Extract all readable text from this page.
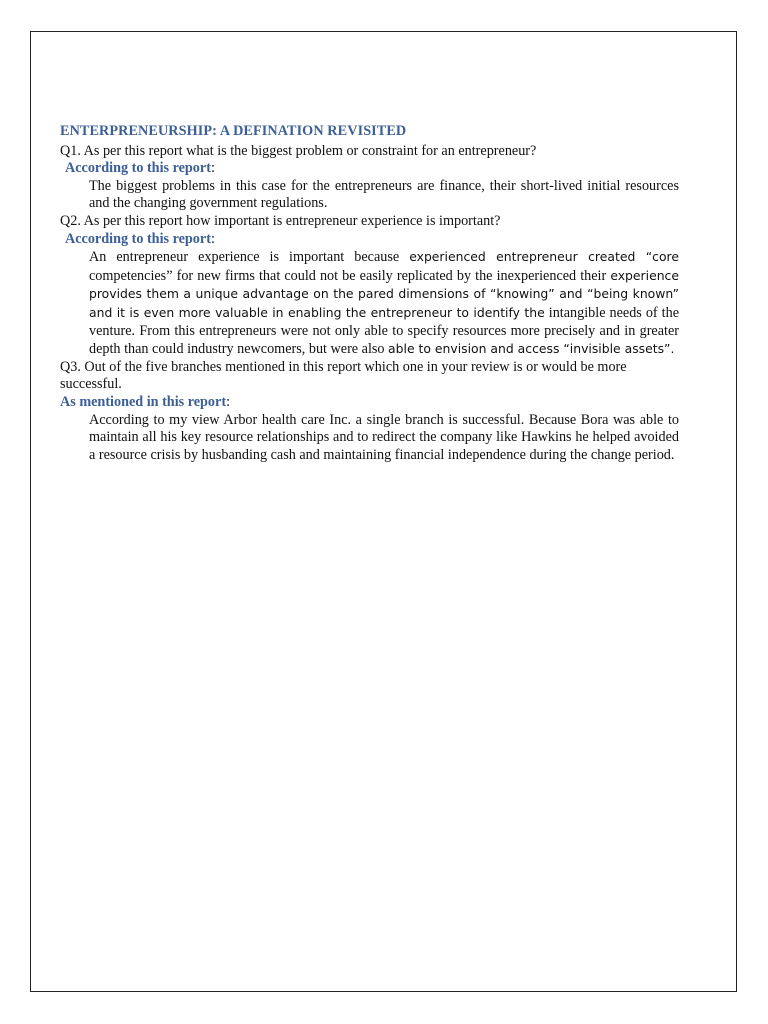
ENTERPRENEURSHIP: A DEFINATION REVISITED

Q1. As per this report what is the biggest problem or constraint for an entrepreneur?

According to this report:

The biggest problems in this case for the entrepreneurs are finance, their short-lived initial resources and the changing government regulations.

Q2. As per this report how important is entrepreneur experience is important?

According to this report:

An entrepreneur experience is important because experienced entrepreneur created “core competencies” for new firms that could not be easily replicated by the inexperienced their experience provides them a unique advantage on the pared dimensions of “knowing” and “being known” and it is even more valuable in enabling the entrepreneur to identify the intangible needs of the venture. From this entrepreneurs were not only able to specify resources more precisely and in greater depth than could industry newcomers, but were also able to envision and access “invisible assets”.

Q3. Out of the five branches mentioned in this report which one in your review is or would be more successful.

As mentioned in this report:

According to my view Arbor health care Inc. a single branch is successful. Because Bora was able to maintain all his key resource relationships and to redirect the company like Hawkins he helped avoided a resource crisis by husbanding cash and maintaining financial independence during the change period.
